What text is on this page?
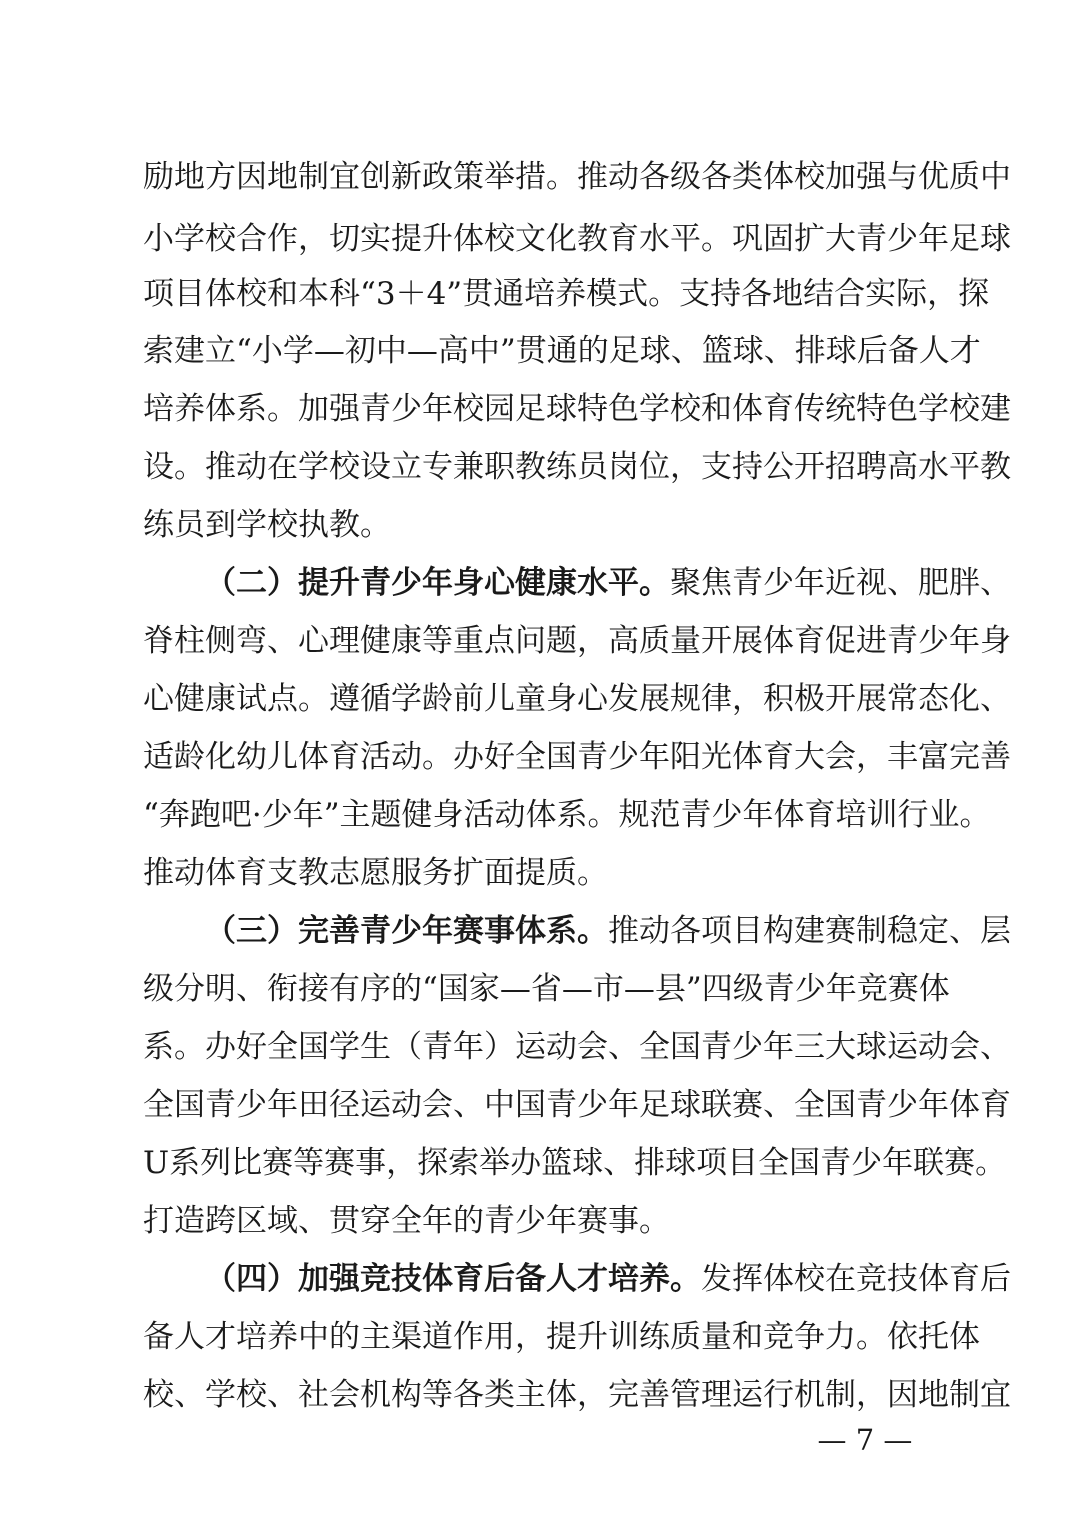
励地方因地制宜创新政策举措。推动各级各类体校加强与优质中
小学校合作，切实提升体校文化教育水平。巩固扩大青少年足球
项目体校和本科“3＋4”贯通培养模式。支持各地结合实际，探
索建立“小学—初中—高中”贯通的足球、篮球、排球后备人才
培养体系。加强青少年校园足球特色学校和体育传统特色学校建
设。推动在学校设立专兼职教练员岗位，支持公开招聘高水平教
练员到学校执教。
（二）提升青少年身心健康水平。聚焦青少年近视、肥胖、
脊柱侧弯、心理健康等重点问题，高质量开展体育促进青少年身
心健康试点。遵循学龄前儿童身心发展规律，积极开展常态化、
适龄化幼儿体育活动。办好全国青少年阳光体育大会，丰富完善
“奔跑吧·少年”主题健身活动体系。规范青少年体育培训行业。
推动体育支教志愿服务扩面提质。
（三）完善青少年赛事体系。推动各项目构建赛制稳定、层
级分明、衔接有序的“国家—省—市—县”四级青少年竞赛体
系。办好全国学生（青年）运动会、全国青少年三大球运动会、
全国青少年田径运动会、中国青少年足球联赛、全国青少年体育
U系列比赛等赛事，探索举办篮球、排球项目全国青少年联赛。
打造跨区域、贯穿全年的青少年赛事。
（四）加强竞技体育后备人才培养。发挥体校在竞技体育后
备人才培养中的主渠道作用，提升训练质量和竞争力。依托体
校、学校、社会机构等各类主体，完善管理运行机制，因地制宜
— 7 —
